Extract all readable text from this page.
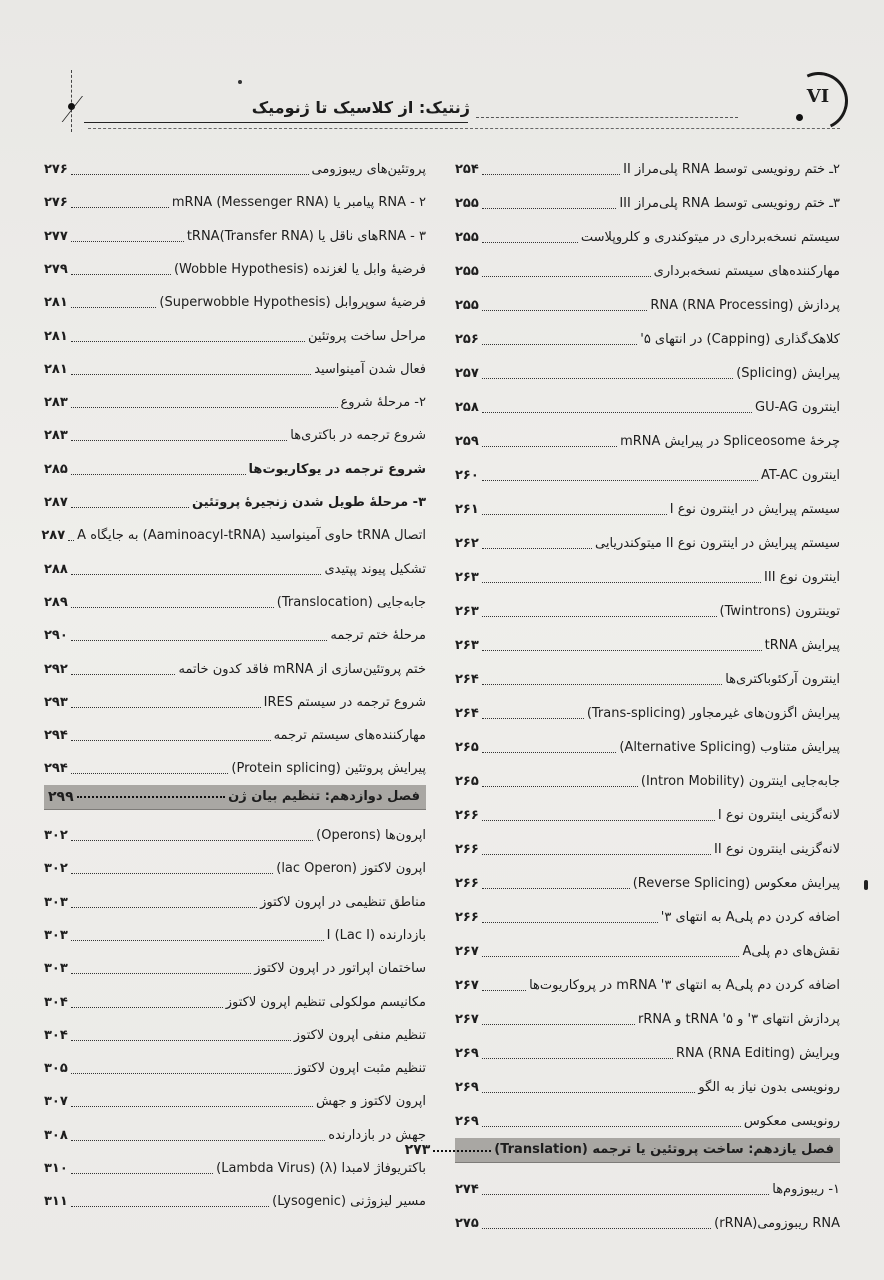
ژنتیک: از کلاسیک تا ژنومیک
VI
۲ـ ختم رونویسی توسط RNA پلی‌مراز II
۲۵۴
۳ـ ختم رونویسی توسط RNA پلی‌مراز III
۲۵۵
سیستم نسخه‌برداری در میتوکندری و کلروپلاست
۲۵۵
مهارکننده‌های سیستم نسخه‌برداری
۲۵۵
پردازش RNA (RNA Processing)
۲۵۵
کلاهک‌گذاری (Capping) در انتهای ۵'
۲۵۶
پیرایش (Splicing)
۲۵۷
اینترون GU-AG
۲۵۸
چرخهٔ Spliceosome در پیرایش mRNA
۲۵۹
اینترون AT-AC
۲۶۰
سیستم پیرایش در اینترون نوع I
۲۶۱
سیستم پیرایش در اینترون نوع II میتوکندریایی
۲۶۲
اینترون نوع III
۲۶۳
توینترون (Twintrons)
۲۶۳
پیرایش tRNA
۲۶۳
اینترون آرکئوباکتری‌ها
۲۶۴
پیرایش اگزون‌های غیرمجاور (Trans-splicing)
۲۶۴
پیرایش متناوب (Alternative Splicing)
۲۶۵
جابه‌جایی اینترون (Intron Mobility)
۲۶۵
لانه‌گزینی اینترون نوع I
۲۶۶
لانه‌گزینی اینترون نوع II
۲۶۶
پیرایش معکوس (Reverse Splicing)
۲۶۶
اضافه کردن دم پلی‌A به انتهای ۳'
۲۶۶
نقش‌های دم پلی‌A
۲۶۷
اضافه کردن دم پلی‌A به انتهای ۳' mRNA در پروکاریوت‌ها
۲۶۷
پردازش انتهای ۳' و ۵' tRNA و rRNA
۲۶۷
ویرایش RNA (RNA Editing)
۲۶۹
رونویسی بدون نیاز به الگو
۲۶۹
رونویسی معکوس
۲۶۹
فصل یازدهم: ساخت پروتئین یا ترجمه (Translation)
۲۷۳
۱- ریبوزوم‌ها
۲۷۴
RNA ریبوزومی(rRNA)
۲۷۵
پروتئین‌های ریبوزومی
۲۷۶
۲ - RNA پیامبر یا mRNA (Messenger RNA)
۲۷۶
۳ - RNAهای ناقل یا tRNA(Transfer RNA)
۲۷۷
فرضیهٔ وابل یا لغزنده (Wobble Hypothesis)
۲۷۹
فرضیهٔ سوپروابل (Superwobble Hypothesis)
۲۸۱
مراحل ساخت پروتئین
۲۸۱
فعال شدن آمینواسید
۲۸۱
۲- مرحلهٔ شروع
۲۸۳
شروع ترجمه در باکتری‌ها
۲۸۳
شروع ترجمه در یوکاریوت‌ها
۲۸۵
۳- مرحلهٔ طویل شدن زنجیرهٔ پروتئین
۲۸۷
اتصال tRNA حاوی آمینواسید (Aaminoacyl-tRNA) به جایگاه A
۲۸۷
تشکیل پیوند پپتیدی
۲۸۸
جابه‌جایی (Translocation)
۲۸۹
مرحلهٔ ختم ترجمه
۲۹۰
ختم پروتئین‌سازی از mRNA فاقد کدون خاتمه
۲۹۲
شروع ترجمه در سیستم IRES
۲۹۳
مهارکننده‌های سیستم ترجمه
۲۹۴
پیرایش پروتئین (Protein splicing)
۲۹۴
فصل دوازدهم: تنظیم بیان ژن
۲۹۹
اپرون‌ها (Operons)
۳۰۲
اپرون لاکتوز (lac Operon)
۳۰۲
مناطق تنظیمی در اپرون لاکتوز
۳۰۳
بازدارنده I (Lac I)
۳۰۳
ساختمان اپراتور در اپرون لاکتوز
۳۰۳
مکانیسم مولکولی تنظیم اپرون لاکتوز
۳۰۴
تنظیم منفی اپرون لاکتوز
۳۰۴
تنظیم مثبت اپرون لاکتوز
۳۰۵
اپرون لاکتوز و جهش
۳۰۷
جهش در بازدارنده
۳۰۸
باکتریوفاژ لامبدا (λ) (Lambda Virus)
۳۱۰
مسیر لیزوژنی (Lysogenic)
۳۱۱
